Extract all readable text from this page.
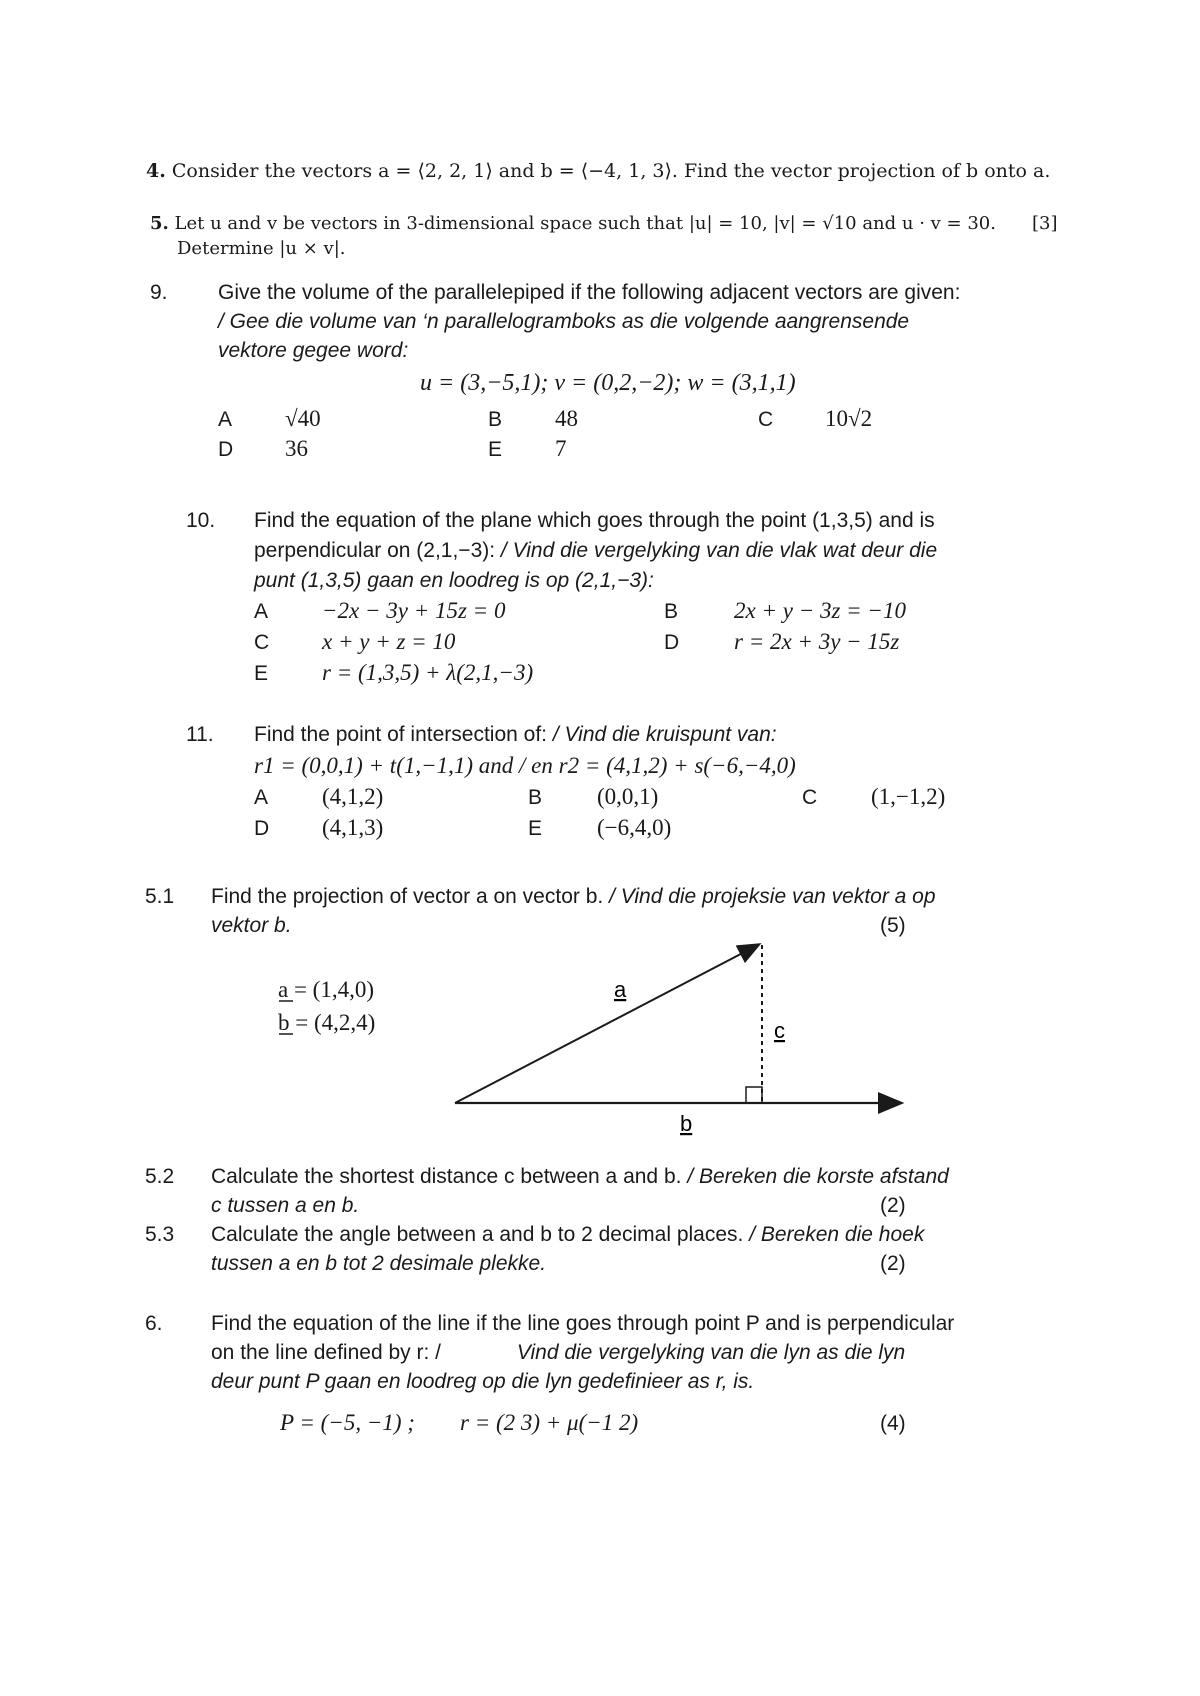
4. Consider the vectors a = ⟨2, 2, 1⟩ and b = ⟨−4, 1, 3⟩. Find the vector projection of b onto a.
5. Let u and v be vectors in 3-dimensional space such that |u| = 10, |v| = √10 and u · v = 30. [3]
Determine |u × v|.
9. Give the volume of the parallelepiped if the following adjacent vectors are given:
/ Gee die volume van ‘n parallelogramboks as die volgende aangrensende
vektore gegee word:
u = (3,−5,1); v = (0,2,−2); w = (3,1,1)
A √40	B 48	C 10√2
D 36	E 7
10. Find the equation of the plane which goes through the point (1,3,5) and is
perpendicular on (2,1,−3): / Vind die vergelyking van die vlak wat deur die
punt (1,3,5) gaan en loodreg is op (2,1,−3):
A −2x − 3y + 15z = 0	B 2x + y − 3z = −10
C x + y + z = 10	D r = 2x + 3y − 15z
E r = (1,3,5) + λ(2,1,−3)
11. Find the point of intersection of: / Vind die kruispunt van:
r1 = (0,0,1) + t(1,−1,1) and / en r2 = (4,1,2) + s(−6,−4,0)
A (4,1,2)	B (0,0,1)	C (1,−1,2)
D (4,1,3)	E (−6,4,0)
5.1 Find the projection of vector a on vector b. / Vind die projeksie van vektor a op
vektor b.	(5)
a = (1,4,0)
b = (4,2,4)
a
c
b
5.2 Calculate the shortest distance c between a and b. / Bereken die korste afstand
c tussen a en b.	(2)
5.3 Calculate the angle between a and b to 2 decimal places. / Bereken die hoek
tussen a en b tot 2 desimale plekke.	(2)
6. Find the equation of the line if the line goes through point P and is perpendicular
on the line defined by r: /	Vind die vergelyking van die lyn as die lyn
deur punt P gaan en loodreg op die lyn gedefinieer as r, is.
P = (−5, −1) ; r = (2 3) + μ(−1 2)	(4)
